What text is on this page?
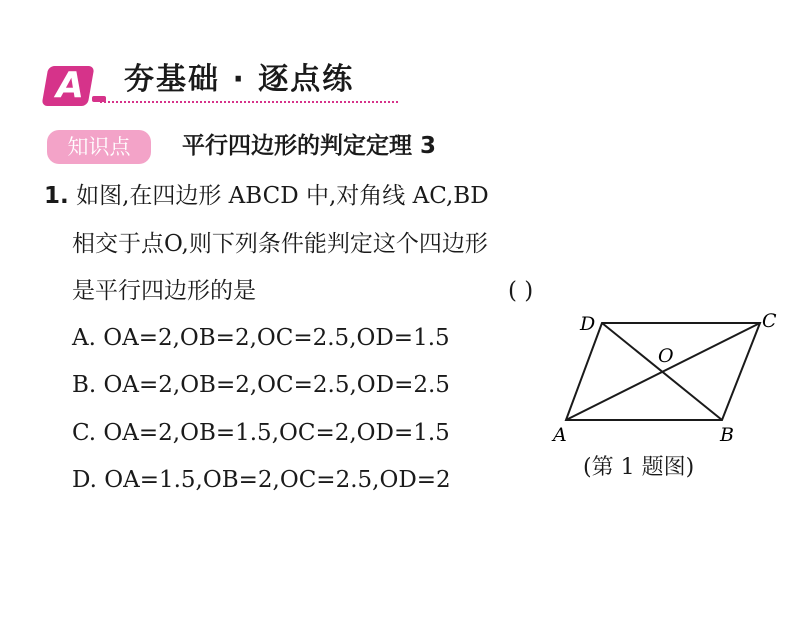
A 夯基础 · 逐点练
知识点	平行四边形的判定定理 3
1. 如图,在四边形 ABCD 中,对角线 AC,BD
相交于点O,则下列条件能判定这个四边形
是平行四边形的是	( )
A. OA=2,OB=2,OC=2.5,OD=1.5
B. OA=2,OB=2,OC=2.5,OD=2.5
C. OA=2,OB=1.5,OC=2,OD=1.5
D. OA=1.5,OB=2,OC=2.5,OD=2
A	B
C
D
O
(第 1 题图)
